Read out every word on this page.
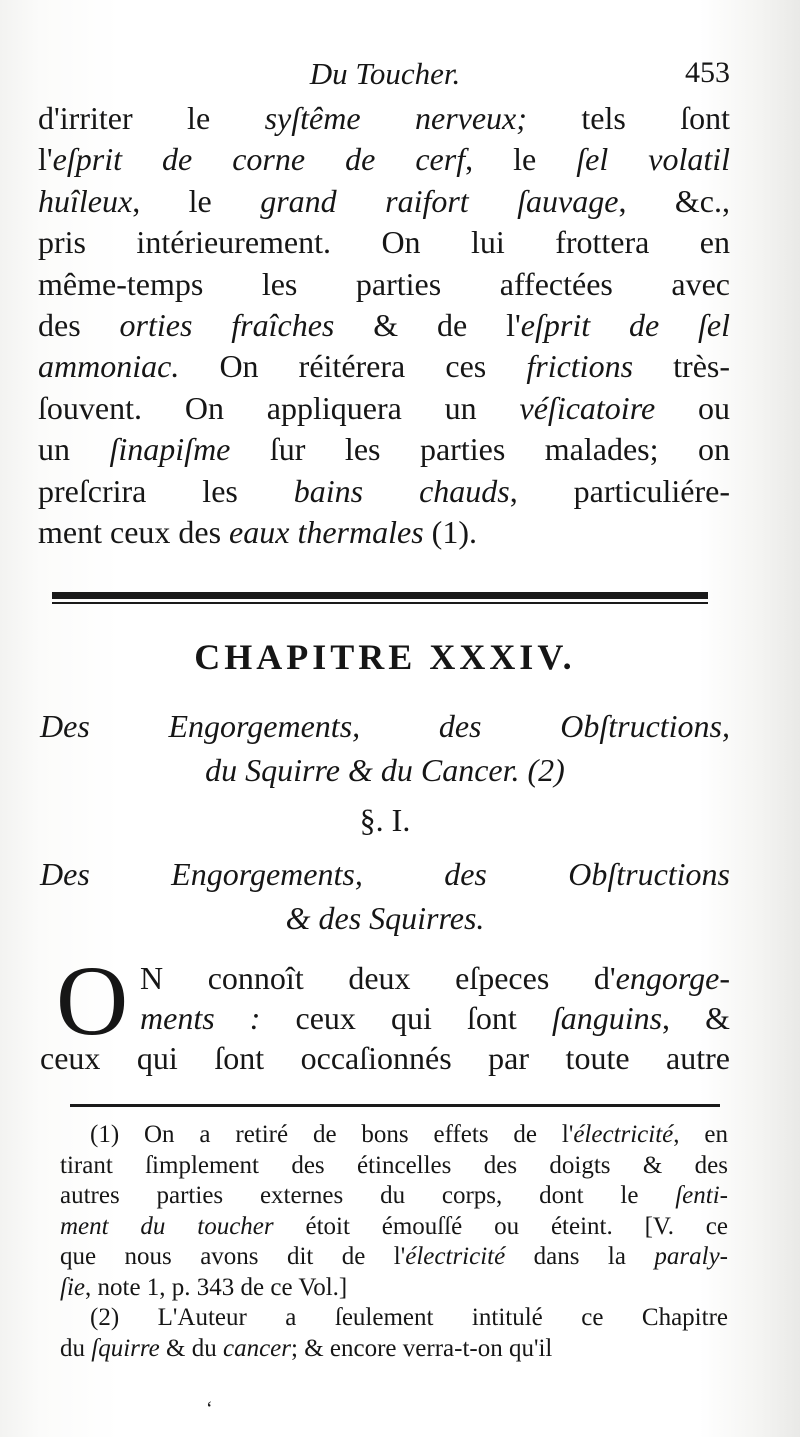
Du Toucher.	453
d'irriter le syſtême nerveux; tels ſont
l'eſprit de corne de cerf, le ſel volatil
huîleux, le grand raifort ſauvage, &c.,
pris intérieurement. On lui frottera en
même-temps les parties affectées avec
des orties fraîches & de l'eſprit de ſel
ammoniac. On réitérera ces frictions très-
ſouvent. On appliquera un véſicatoire ou
un ſinapiſme ſur les parties malades; on
preſcrira les bains chauds, particuliére-
ment ceux des eaux thermales (1).
CHAPITRE XXXIV.
Des Engorgements, des Obſtructions,
du Squirre & du Cancer. (2)
§. I.
Des Engorgements, des Obſtructions
& des Squirres.
O N connoît deux eſpeces d'engorge-
ments : ceux qui ſont ſanguins, &
ceux qui ſont occaſionnés par toute autre
(1) On a retiré de bons effets de l'électricité, en
tirant ſimplement des étincelles des doigts & des
autres parties externes du corps, dont le ſenti-
ment du toucher étoit émouſſé ou éteint. [V. ce
que nous avons dit de l'électricité dans la paraly-
ſie, note 1, p. 343 de ce Vol.]
(2) L'Auteur a ſeulement intitulé ce Chapitre
du ſquirre & du cancer; & encore verra-t-on qu'il
ʻ
